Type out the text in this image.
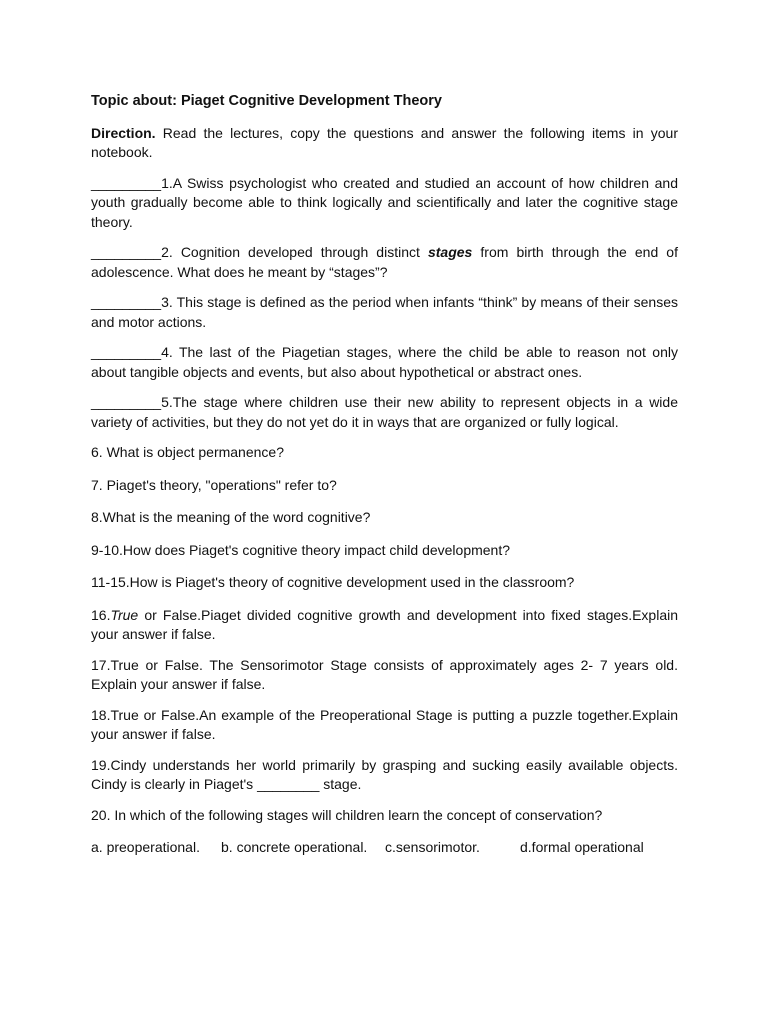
Topic about: Piaget Cognitive Development Theory

Direction. Read the lectures, copy the questions and answer the following items in your notebook.

_________1.A Swiss psychologist who created and studied an account of how children and youth gradually become able to think logically and scientifically and later the cognitive stage theory.

_________2. Cognition developed through distinct stages from birth through the end of adolescence. What does he meant by “stages”?

_________3. This stage is defined as the period when infants “think” by means of their senses and motor actions.

_________4. The last of the Piagetian stages, where the child be able to reason not only about tangible objects and events, but also about hypothetical or abstract ones.

_________5.The stage where children use their new ability to represent objects in a wide variety of activities, but they do not yet do it in ways that are organized or fully logical.

6. What is object permanence?

7. Piaget's theory, "operations" refer to?

8.What is the meaning of the word cognitive?

9-10.How does Piaget's cognitive theory impact child development?

11-15.How is Piaget's theory of cognitive development used in the classroom?

16.True or False.Piaget divided cognitive growth and development into fixed stages.Explain your answer if false.

17.True or False. The Sensorimotor Stage consists of approximately ages 2- 7 years old. Explain your answer if false.

18.True or False.An example of the Preoperational Stage is putting a puzzle together.Explain your answer if false.

19.Cindy understands her world primarily by grasping and sucking easily available objects. Cindy is clearly in Piaget's ________ stage.

20. In which of the following stages will children learn the concept of conservation?

a. preoperational.	b. concrete operational.	c.sensorimotor.	d.formal operational
